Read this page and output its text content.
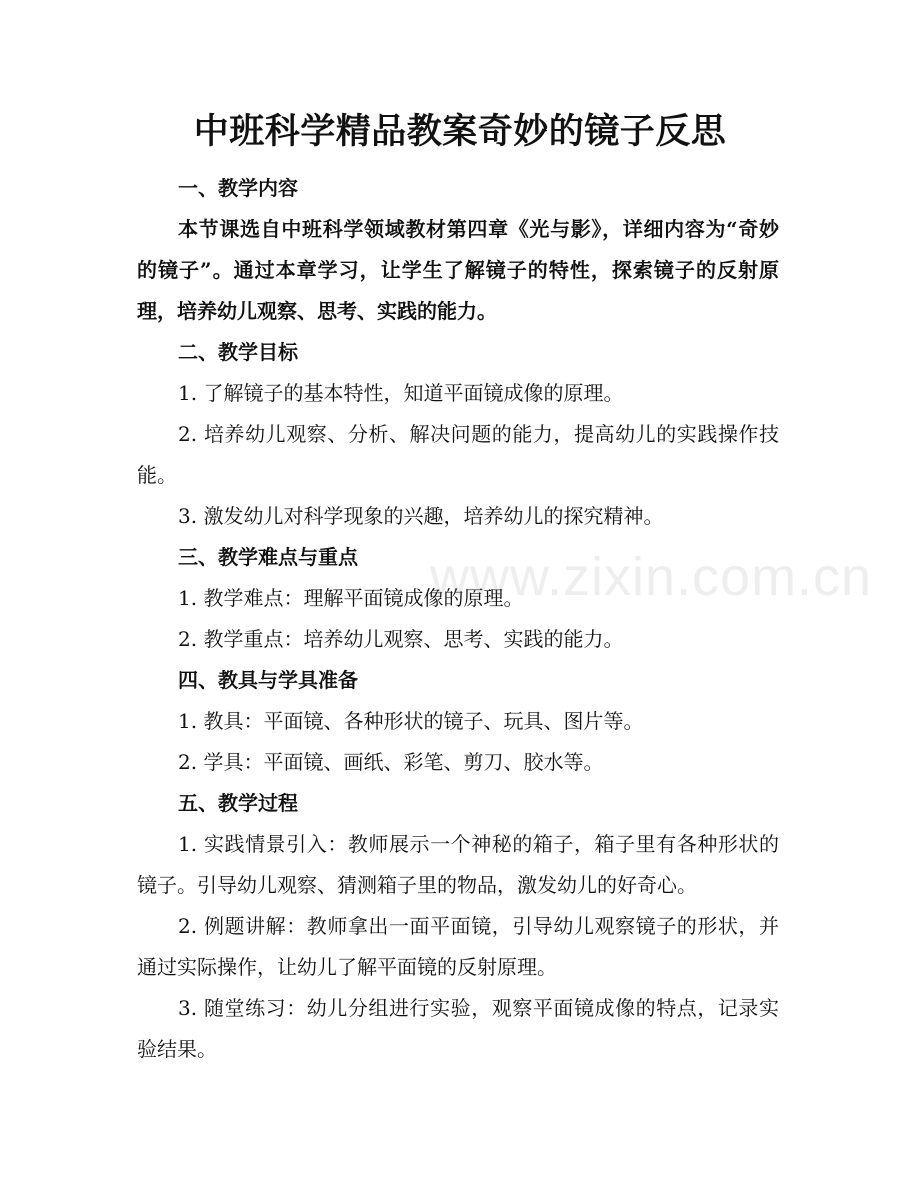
中班科学精品教案奇妙的镜子反思

一、教学内容

本节课选自中班科学领域教材第四章《光与影》，详细内容为“奇妙的镜子”。通过本章学习，让学生了解镜子的特性，探索镜子的反射原理，培养幼儿观察、思考、实践的能力。

二、教学目标

1. 了解镜子的基本特性，知道平面镜成像的原理。

2. 培养幼儿观察、分析、解决问题的能力，提高幼儿的实践操作技能。

3. 激发幼儿对科学现象的兴趣，培养幼儿的探究精神。

三、教学难点与重点

1. 教学难点：理解平面镜成像的原理。

2. 教学重点：培养幼儿观察、思考、实践的能力。

四、教具与学具准备

1. 教具：平面镜、各种形状的镜子、玩具、图片等。

2. 学具：平面镜、画纸、彩笔、剪刀、胶水等。

五、教学过程

1. 实践情景引入：教师展示一个神秘的箱子，箱子里有各种形状的镜子。引导幼儿观察、猜测箱子里的物品，激发幼儿的好奇心。

2. 例题讲解：教师拿出一面平面镜，引导幼儿观察镜子的形状，并通过实际操作，让幼儿了解平面镜的反射原理。

3. 随堂练习：幼儿分组进行实验，观察平面镜成像的特点，记录实验结果。

www.zixin.com.cn
